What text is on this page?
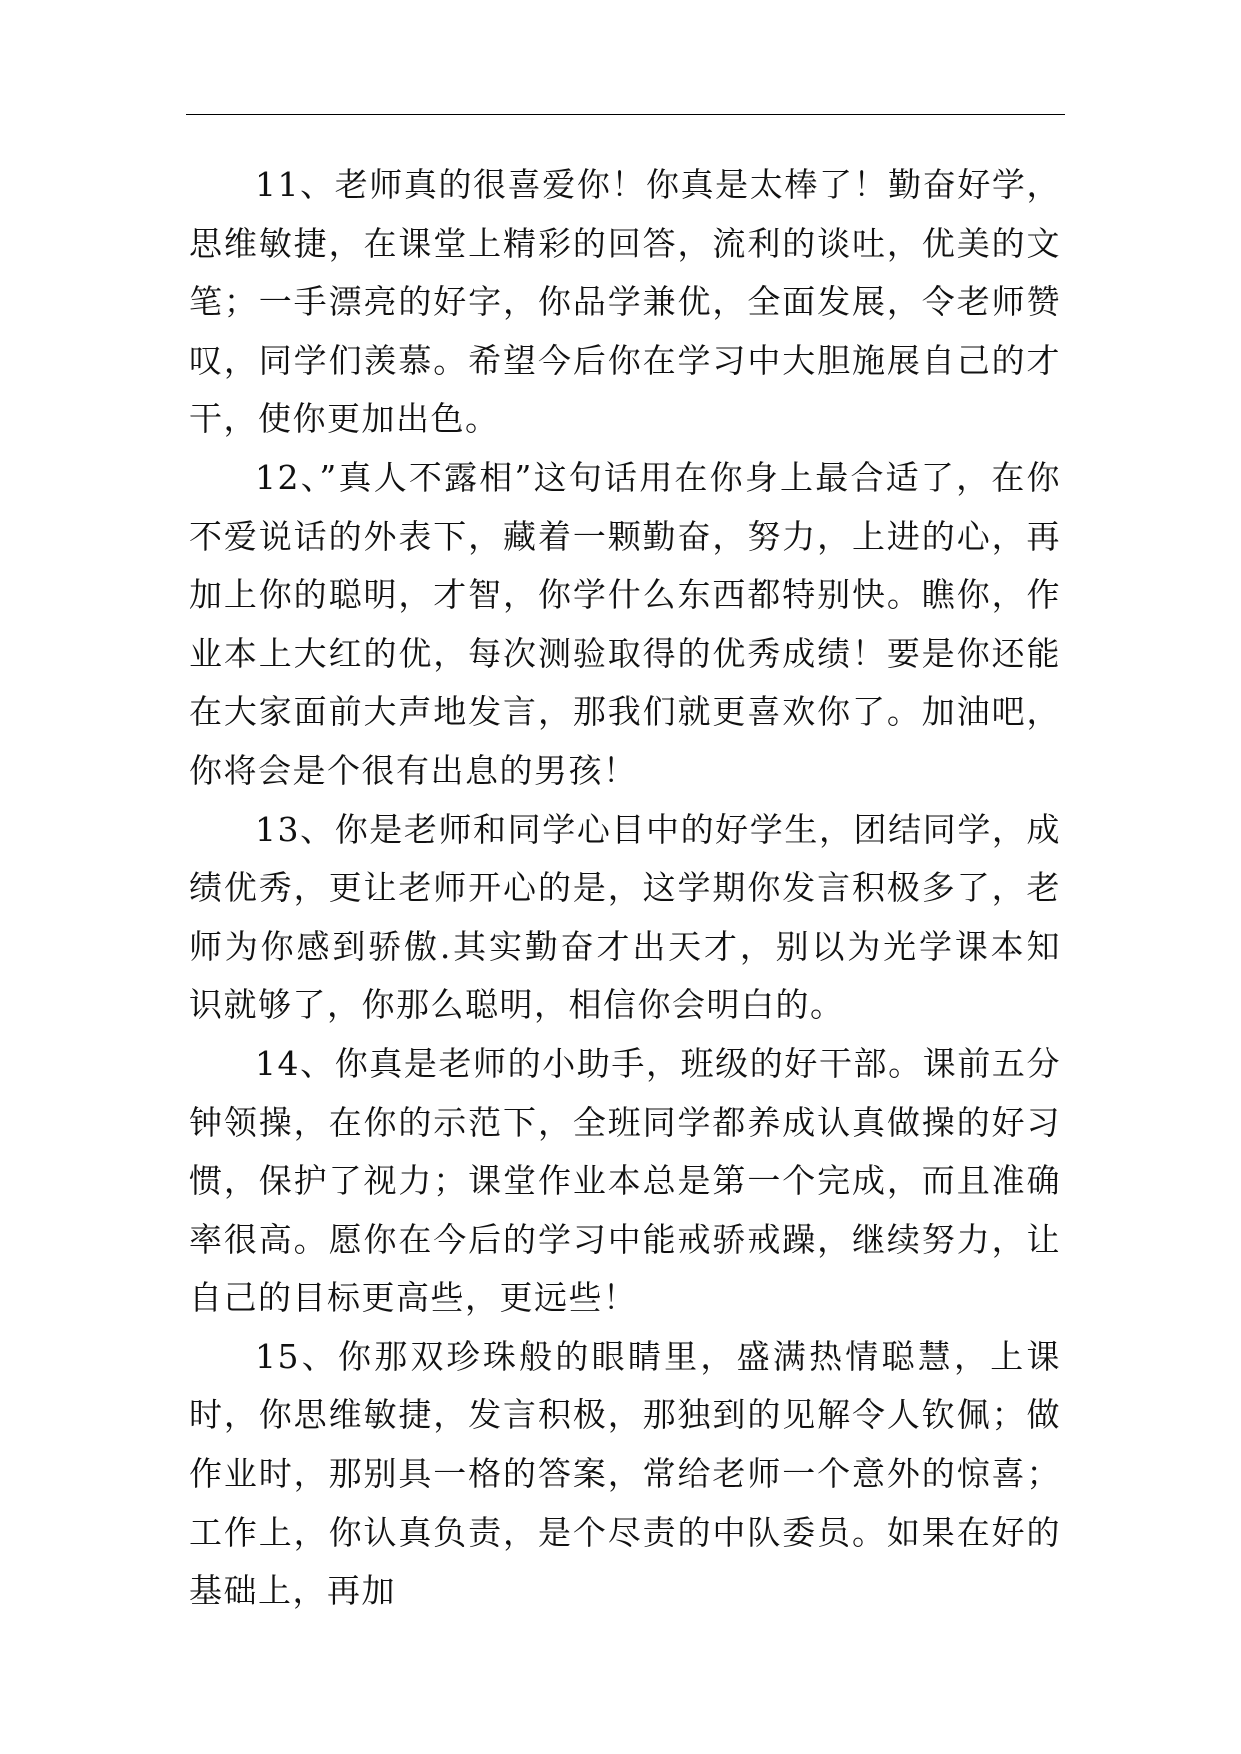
11、老师真的很喜爱你！你真是太棒了！勤奋好学，思维敏捷，在课堂上精彩的回答，流利的谈吐，优美的文笔；一手漂亮的好字，你品学兼优，全面发展，令老师赞叹，同学们羡慕。希望今后你在学习中大胆施展自己的才干，使你更加出色。

12、”真人不露相”这句话用在你身上最合适了，在你不爱说话的外表下，藏着一颗勤奋，努力，上进的心，再加上你的聪明，才智，你学什么东西都特别快。瞧你，作业本上大红的优，每次测验取得的优秀成绩！要是你还能在大家面前大声地发言，那我们就更喜欢你了。加油吧，你将会是个很有出息的男孩！

13、你是老师和同学心目中的好学生，团结同学，成绩优秀，更让老师开心的是，这学期你发言积极多了，老师为你感到骄傲.其实勤奋才出天才，别以为光学课本知识就够了，你那么聪明，相信你会明白的。

14、你真是老师的小助手，班级的好干部。课前五分钟领操，在你的示范下，全班同学都养成认真做操的好习惯，保护了视力；课堂作业本总是第一个完成，而且准确率很高。愿你在今后的学习中能戒骄戒躁，继续努力，让自己的目标更高些，更远些！

15、你那双珍珠般的眼睛里，盛满热情聪慧，上课时，你思维敏捷，发言积极，那独到的见解令人钦佩；做作业时，那别具一格的答案，常给老师一个意外的惊喜；工作上，你认真负责，是个尽责的中队委员。如果在好的基础上，再加
